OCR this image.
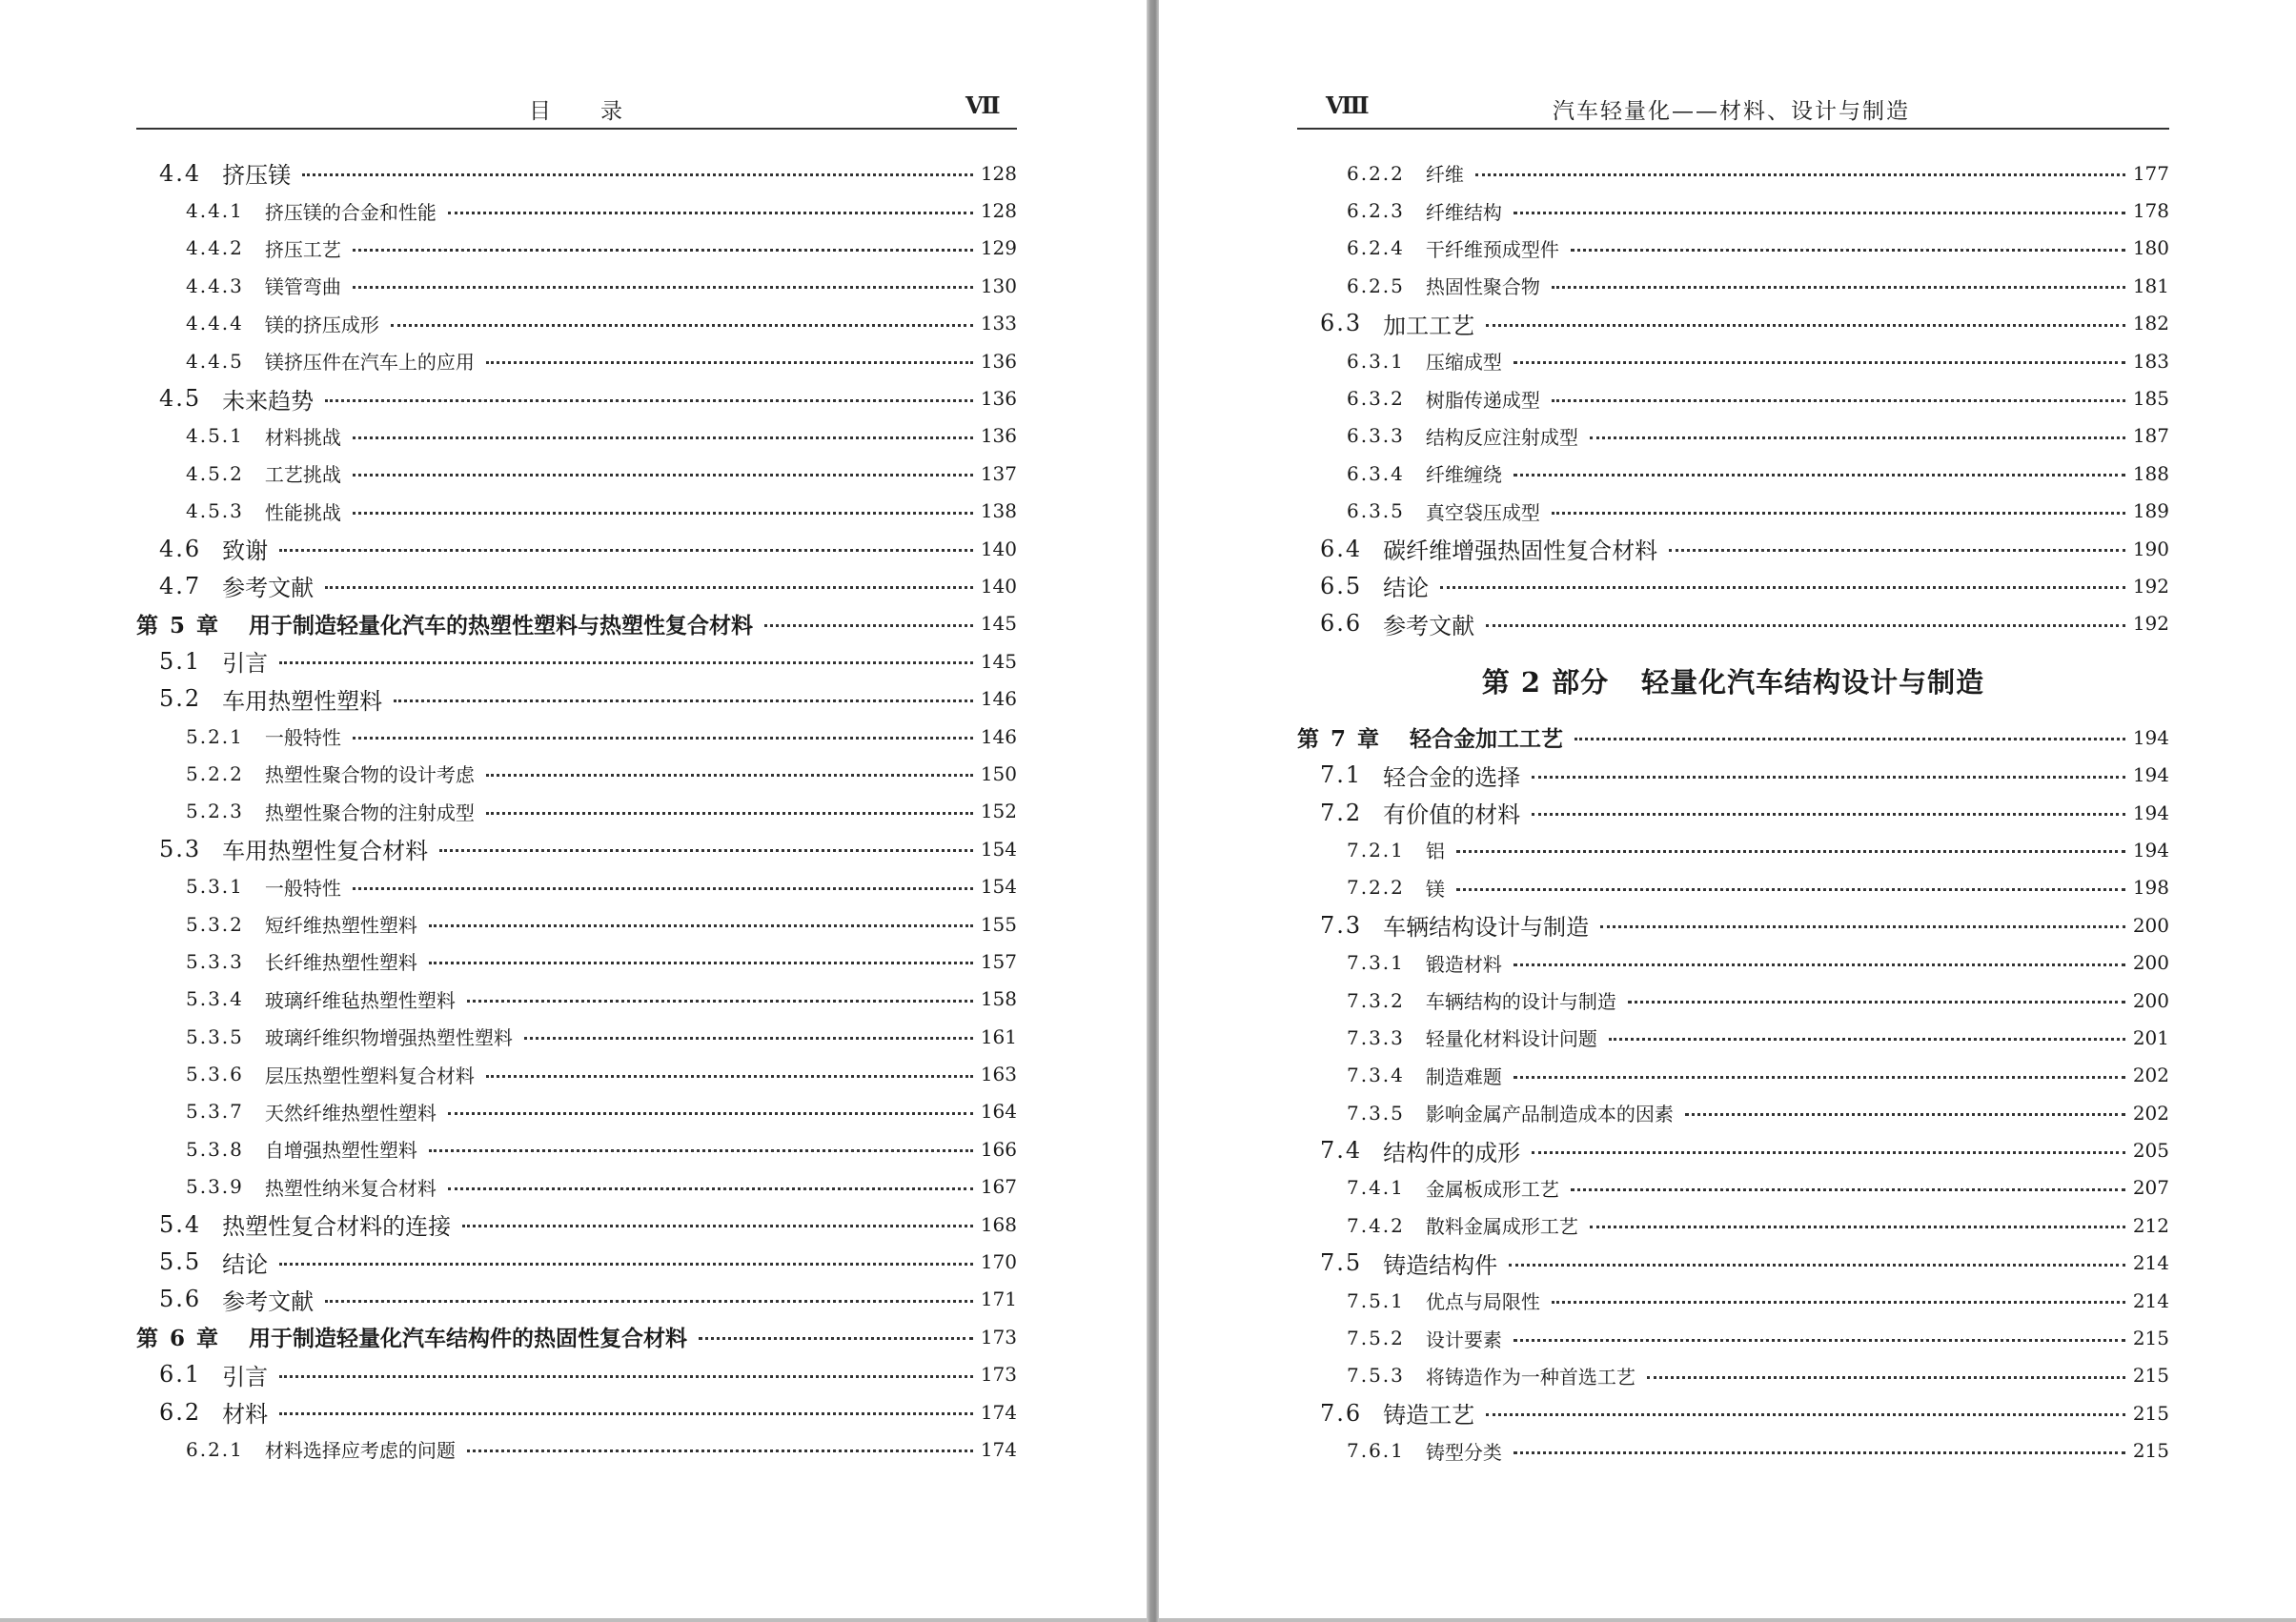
目　　录	Ⅶ
4.4 挤压镁	128
4.4.1 挤压镁的合金和性能	128
4.4.2 挤压工艺	129
4.4.3 镁管弯曲	130
4.4.4 镁的挤压成形	133
4.4.5 镁挤压件在汽车上的应用	136
4.5 未来趋势	136
4.5.1 材料挑战	136
4.5.2 工艺挑战	137
4.5.3 性能挑战	138
4.6 致谢	140
4.7 参考文献	140
第 5 章 用于制造轻量化汽车的热塑性塑料与热塑性复合材料	145
5.1 引言	145
5.2 车用热塑性塑料	146
5.2.1 一般特性	146
5.2.2 热塑性聚合物的设计考虑	150
5.2.3 热塑性聚合物的注射成型	152
5.3 车用热塑性复合材料	154
5.3.1 一般特性	154
5.3.2 短纤维热塑性塑料	155
5.3.3 长纤维热塑性塑料	157
5.3.4 玻璃纤维毡热塑性塑料	158
5.3.5 玻璃纤维织物增强热塑性塑料	161
5.3.6 层压热塑性塑料复合材料	163
5.3.7 天然纤维热塑性塑料	164
5.3.8 自增强热塑性塑料	166
5.3.9 热塑性纳米复合材料	167
5.4 热塑性复合材料的连接	168
5.5 结论	170
5.6 参考文献	171
第 6 章 用于制造轻量化汽车结构件的热固性复合材料	173
6.1 引言	173
6.2 材料	174
6.2.1 材料选择应考虑的问题	174
Ⅷ	汽车轻量化——材料、设计与制造
6.2.2 纤维	177
6.2.3 纤维结构	178
6.2.4 干纤维预成型件	180
6.2.5 热固性聚合物	181
6.3 加工工艺	182
6.3.1 压缩成型	183
6.3.2 树脂传递成型	185
6.3.3 结构反应注射成型	187
6.3.4 纤维缠绕	188
6.3.5 真空袋压成型	189
6.4 碳纤维增强热固性复合材料	190
6.5 结论	192
6.6 参考文献	192
第 2 部分 轻量化汽车结构设计与制造
第 7 章 轻合金加工工艺	194
7.1 轻合金的选择	194
7.2 有价值的材料	194
7.2.1 铝	194
7.2.2 镁	198
7.3 车辆结构设计与制造	200
7.3.1 锻造材料	200
7.3.2 车辆结构的设计与制造	200
7.3.3 轻量化材料设计问题	201
7.3.4 制造难题	202
7.3.5 影响金属产品制造成本的因素	202
7.4 结构件的成形	205
7.4.1 金属板成形工艺	207
7.4.2 散料金属成形工艺	212
7.5 铸造结构件	214
7.5.1 优点与局限性	214
7.5.2 设计要素	215
7.5.3 将铸造作为一种首选工艺	215
7.6 铸造工艺	215
7.6.1 铸型分类	215
